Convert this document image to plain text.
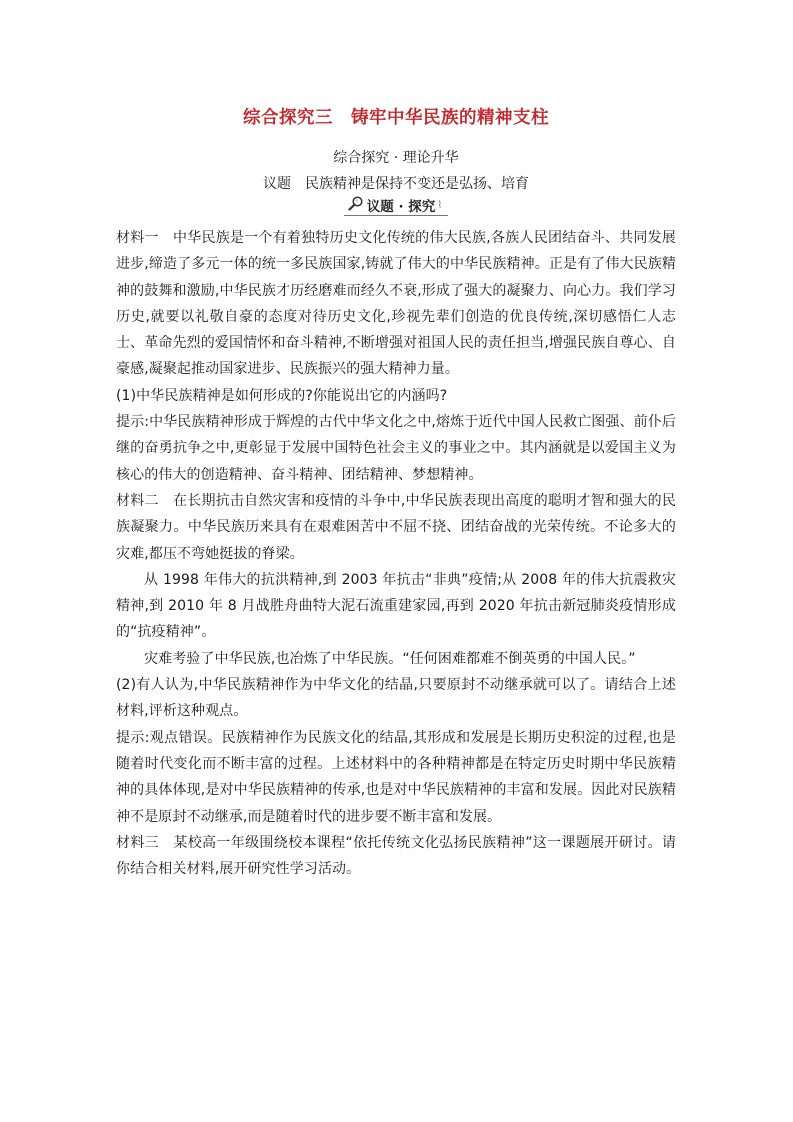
综合探究三　铸牢中华民族的精神支柱
综合探究 · 理论升华
议题　民族精神是保持不变还是弘扬、培育
议题 · 探究 ⌇

材料一　中华民族是一个有着独特历史文化传统的伟大民族,各族人民团结奋斗、共同发展进步,缔造了多元一体的统一多民族国家,铸就了伟大的中华民族精神。正是有了伟大民族精神的鼓舞和激励,中华民族才历经磨难而经久不衰,形成了强大的凝聚力、向心力。我们学习历史,就要以礼敬自豪的态度对待历史文化,珍视先辈们创造的优良传统,深切感悟仁人志士、革命先烈的爱国情怀和奋斗精神,不断增强对祖国人民的责任担当,增强民族自尊心、自豪感,凝聚起推动国家进步、民族振兴的强大精神力量。

(1)中华民族精神是如何形成的?你能说出它的内涵吗?

提示:中华民族精神形成于辉煌的古代中华文化之中,熔炼于近代中国人民救亡图强、前仆后继的奋勇抗争之中,更彰显于发展中国特色社会主义的事业之中。其内涵就是以爱国主义为核心的伟大的创造精神、奋斗精神、团结精神、梦想精神。

材料二　在长期抗击自然灾害和疫情的斗争中,中华民族表现出高度的聪明才智和强大的民族凝聚力。中华民族历来具有在艰难困苦中不屈不挠、团结奋战的光荣传统。不论多大的灾难,都压不弯她挺拔的脊梁。

从 1998 年伟大的抗洪精神,到 2003 年抗击“非典”疫情;从 2008 年的伟大抗震救灾精神,到 2010 年 8 月战胜舟曲特大泥石流重建家园,再到 2020 年抗击新冠肺炎疫情形成的“抗疫精神”。

灾难考验了中华民族,也冶炼了中华民族。“任何困难都难不倒英勇的中国人民。”

(2)有人认为,中华民族精神作为中华文化的结晶,只要原封不动继承就可以了。请结合上述材料,评析这种观点。

提示:观点错误。民族精神作为民族文化的结晶,其形成和发展是长期历史积淀的过程,也是随着时代变化而不断丰富的过程。上述材料中的各种精神都是在特定历史时期中华民族精神的具体体现,是对中华民族精神的传承,也是对中华民族精神的丰富和发展。因此对民族精神不是原封不动继承,而是随着时代的进步要不断丰富和发展。

材料三　某校高一年级围绕校本课程“依托传统文化弘扬民族精神”这一课题展开研讨。请你结合相关材料,展开研究性学习活动。
